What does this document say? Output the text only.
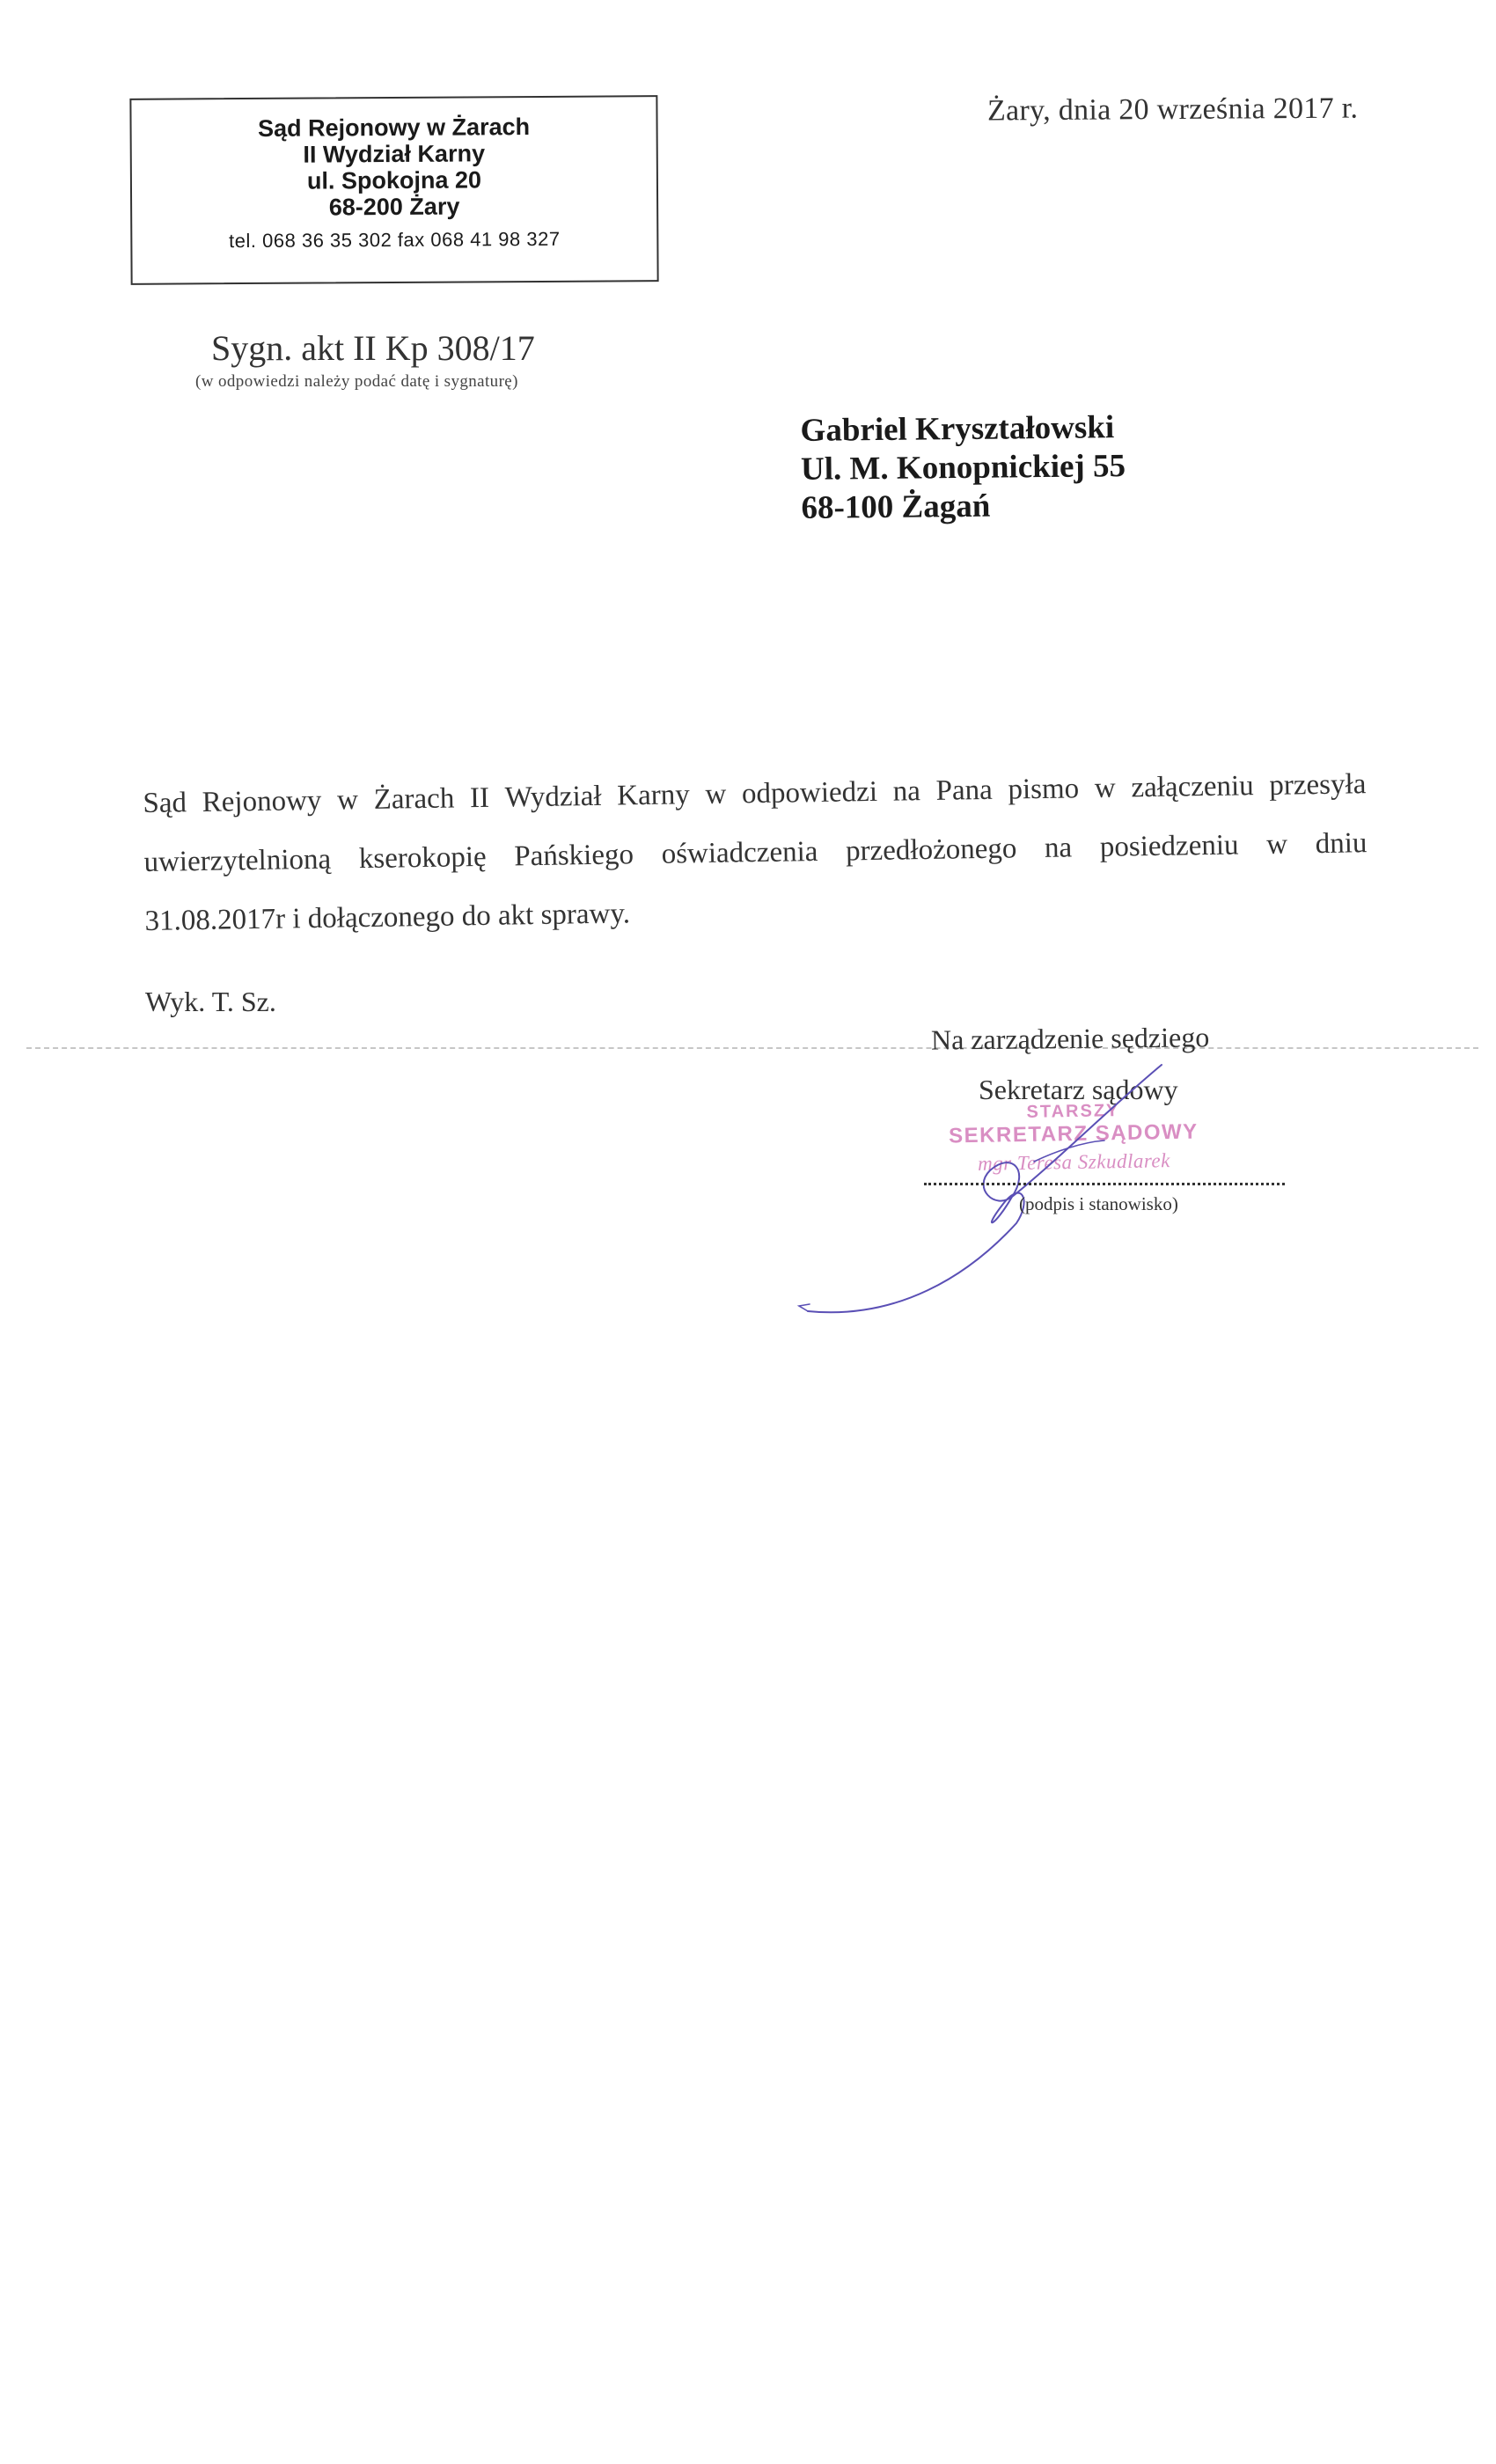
Sąd Rejonowy w Żarach
II Wydział Karny
ul. Spokojna 20
68-200 Żary
tel. 068 36 35 302 fax 068 41 98 327
Żary, dnia 20 września 2017 r.
Sygn. akt II Kp 308/17
(w odpowiedzi należy podać datę i sygnaturę)
Gabriel Kryształowski
Ul. M. Konopnickiej 55
68-100 Żagań
Sąd Rejonowy w Żarach II Wydział Karny w odpowiedzi na Pana pismo w załączeniu przesyła
uwierzytelnioną kserokopię Pańskiego oświadczenia przedłożonego na posiedzeniu w dniu
31.08.2017r i dołączonego do akt sprawy.
Wyk. T. Sz.
Na zarządzenie sędziego
Sekretarz sądowy
STARSZY
SEKRETARZ SĄDOWY
mgr Teresa Szkudlarek
(podpis i stanowisko)
